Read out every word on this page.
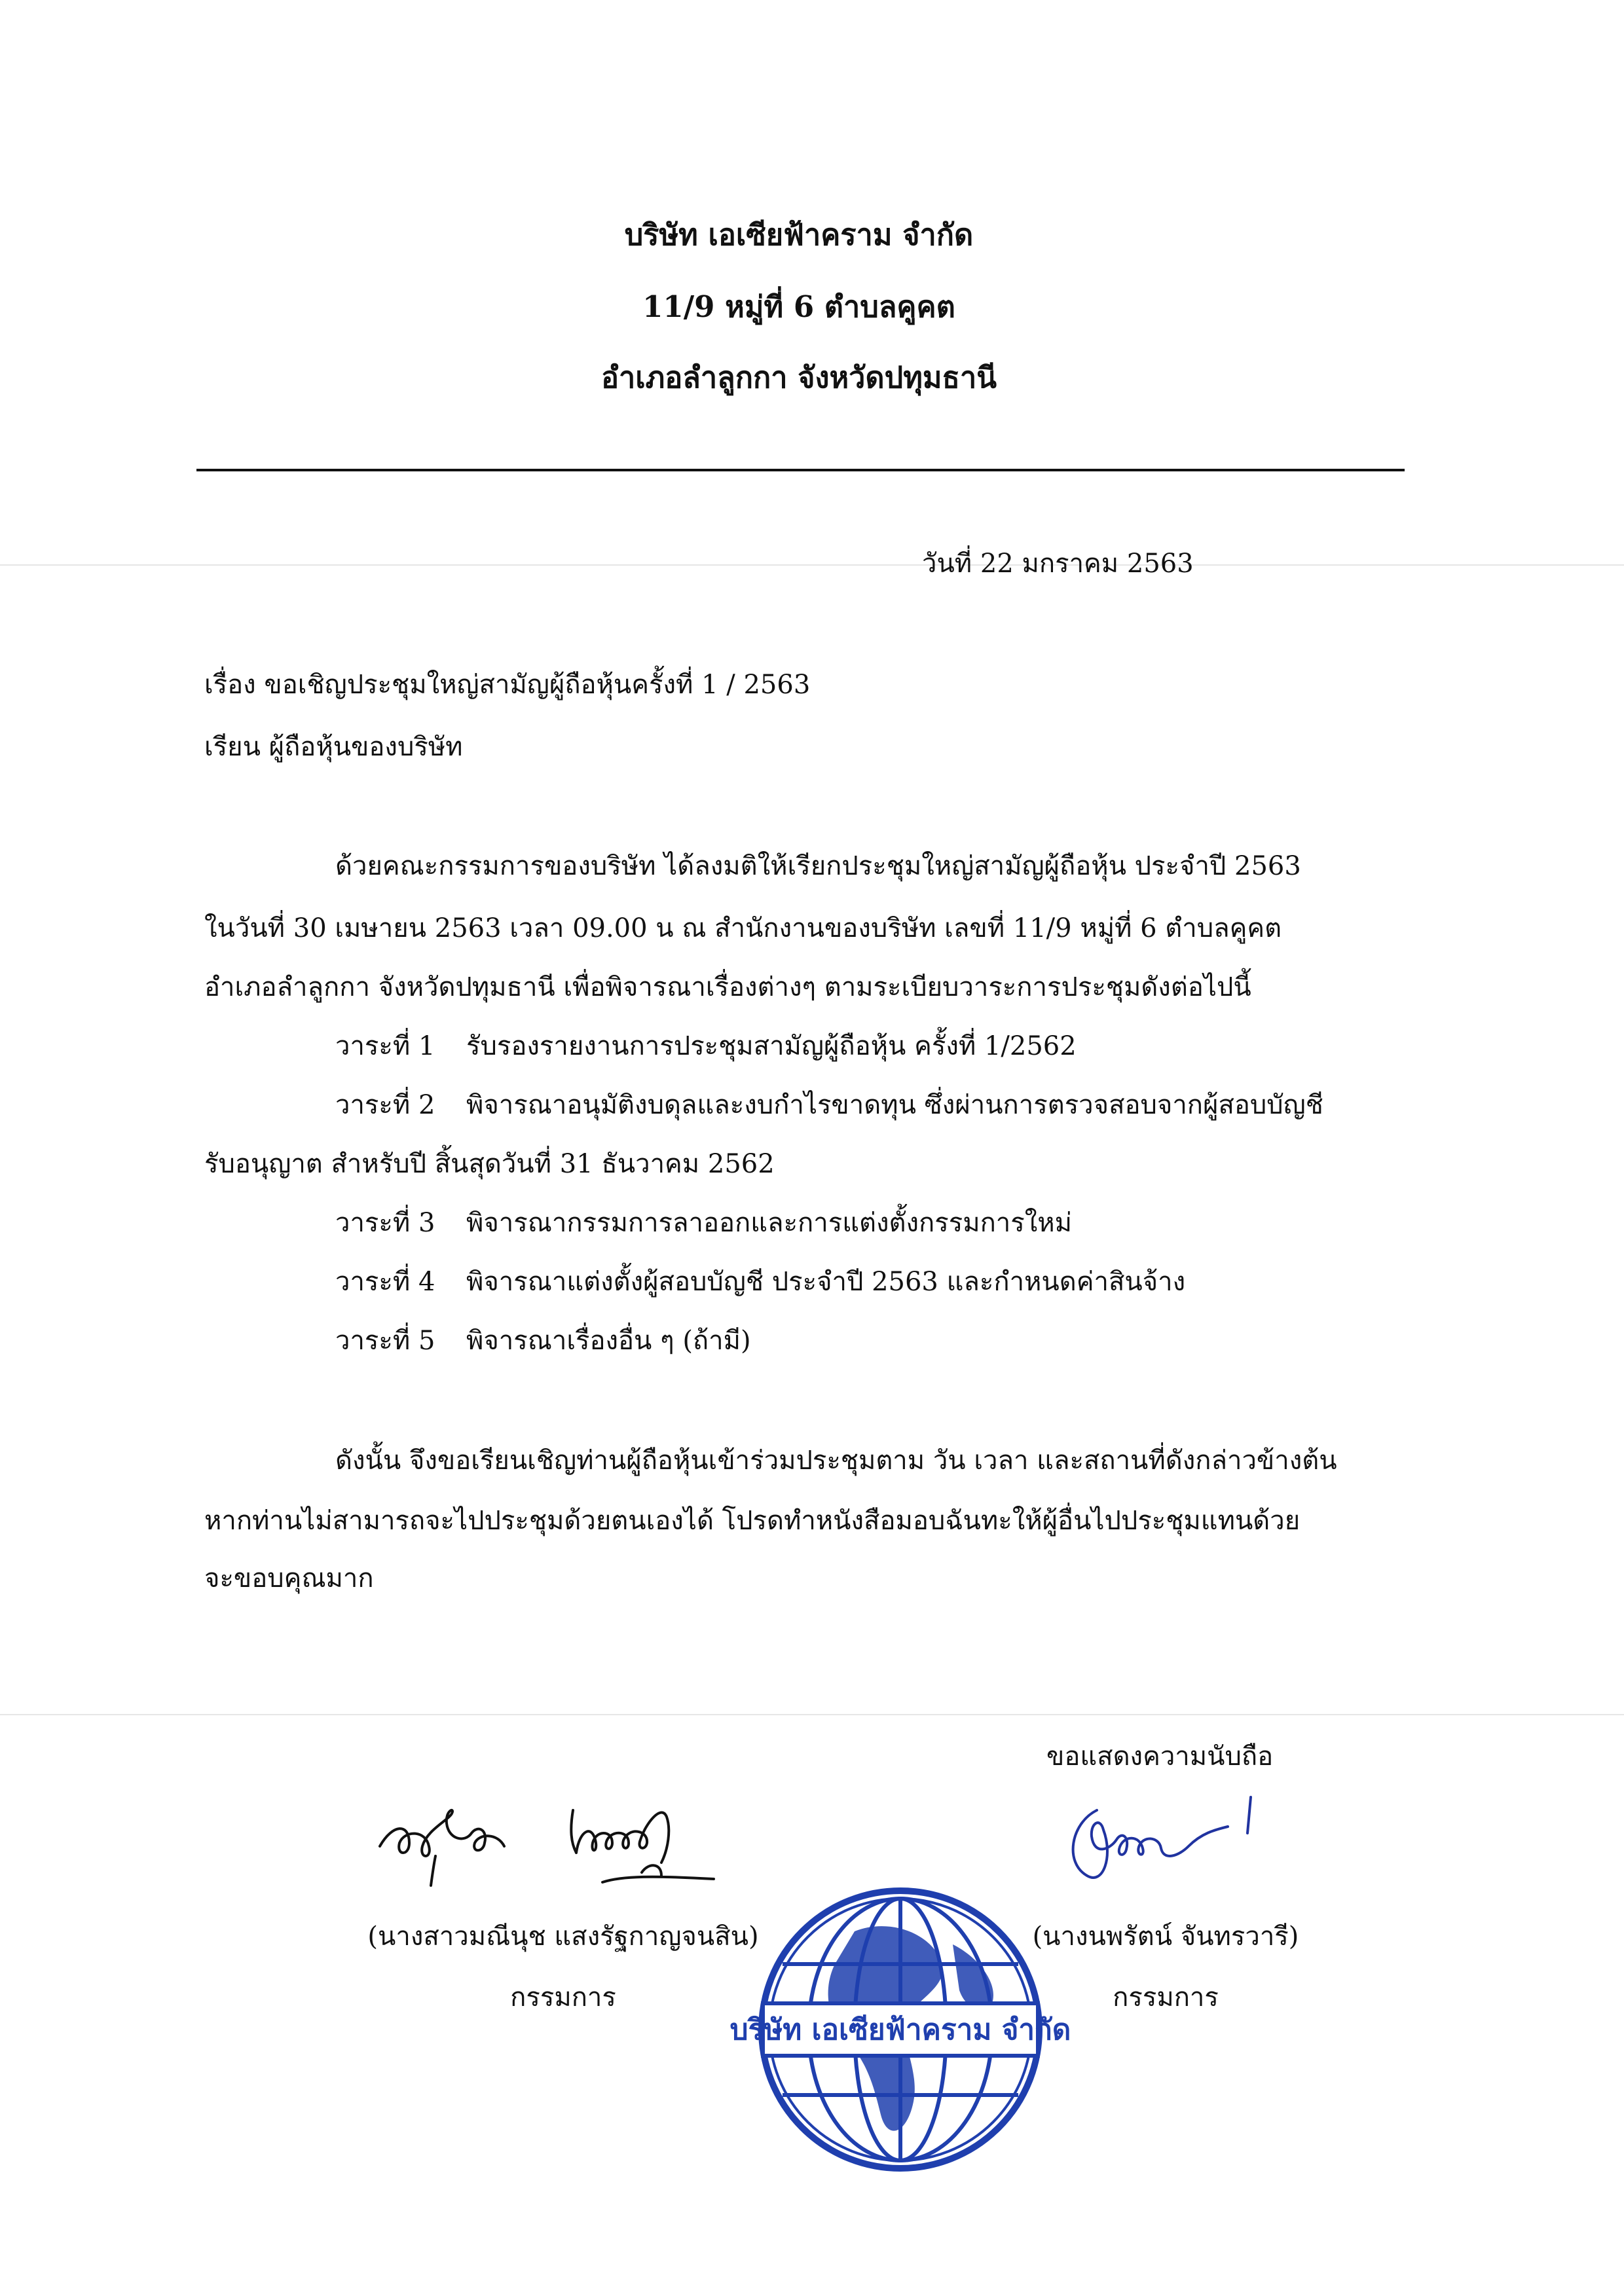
บริษัท เอเซียฟ้าคราม จำกัด
11/9 หมู่ที่ 6 ตำบลคูคต
อำเภอลำลูกกา จังหวัดปทุมธานี
วันที่ 22 มกราคม 2563
เรื่อง ขอเชิญประชุมใหญ่สามัญผู้ถือหุ้นครั้งที่ 1 / 2563
เรียน ผู้ถือหุ้นของบริษัท
ด้วยคณะกรรมการของบริษัท ได้ลงมติให้เรียกประชุมใหญ่สามัญผู้ถือหุ้น ประจำปี 2563
ในวันที่ 30 เมษายน 2563 เวลา 09.00 น ณ สำนักงานของบริษัท เลขที่ 11/9 หมู่ที่ 6 ตำบลคูคต
อำเภอลำลูกกา จังหวัดปทุมธานี เพื่อพิจารณาเรื่องต่างๆ ตามระเบียบวาระการประชุมดังต่อไปนี้
วาระที่ 1 รับรองรายงานการประชุมสามัญผู้ถือหุ้น ครั้งที่ 1/2562
วาระที่ 2 พิจารณาอนุมัติงบดุลและงบกำไรขาดทุน ซึ่งผ่านการตรวจสอบจากผู้สอบบัญชี
รับอนุญาต สำหรับปี สิ้นสุดวันที่ 31 ธันวาคม 2562
วาระที่ 3 พิจารณากรรมการลาออกและการแต่งตั้งกรรมการใหม่
วาระที่ 4 พิจารณาแต่งตั้งผู้สอบบัญชี ประจำปี 2563 และกำหนดค่าสินจ้าง
วาระที่ 5 พิจารณาเรื่องอื่น ๆ (ถ้ามี)
ดังนั้น จึงขอเรียนเชิญท่านผู้ถือหุ้นเข้าร่วมประชุมตาม วัน เวลา และสถานที่ดังกล่าวข้างต้น
หากท่านไม่สามารถจะไปประชุมด้วยตนเองได้ โปรดทำหนังสือมอบฉันทะให้ผู้อื่นไปประชุมแทนด้วย
จะขอบคุณมาก
ขอแสดงความนับถือ
(นางสาวมณีนุช แสงรัฐกาญจนสิน)
กรรมการ
(นางนพรัตน์ จันทรวารี)
กรรมการ
บริษัท เอเซียฟ้าคราม จำกัด
